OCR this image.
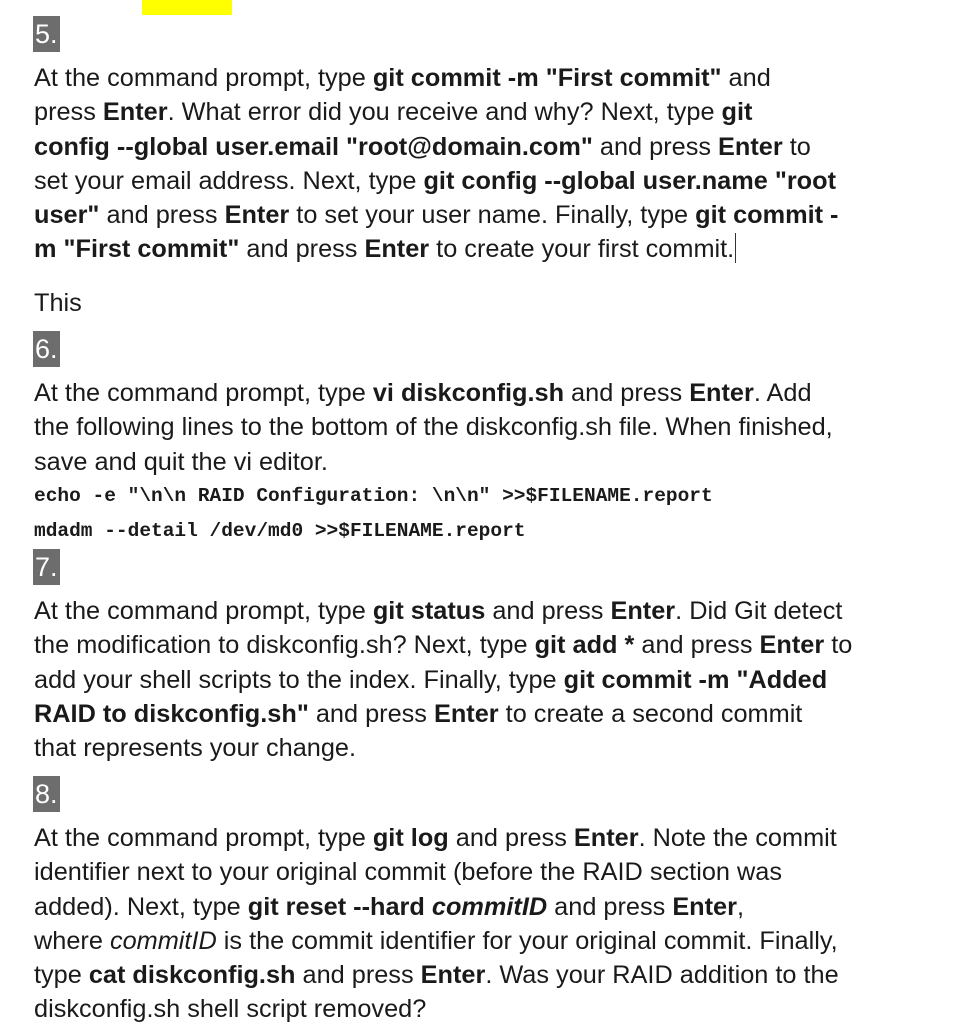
5.
At the command prompt, type git commit -m "First commit" and
press Enter. What error did you receive and why? Next, type git
config --global user.email "root@domain.com" and press Enter to
set your email address. Next, type git config --global user.name "root
user" and press Enter to set your user name. Finally, type git commit -
m "First commit" and press Enter to create your first commit.
This
6.
At the command prompt, type vi diskconfig.sh and press Enter. Add
the following lines to the bottom of the diskconfig.sh file. When finished,
save and quit the vi editor.
echo -e "\n\n RAID Configuration: \n\n" >>$FILENAME.report
mdadm --detail /dev/md0 >>$FILENAME.report
7.
At the command prompt, type git status and press Enter. Did Git detect
the modification to diskconfig.sh? Next, type git add * and press Enter to
add your shell scripts to the index. Finally, type git commit -m "Added
RAID to diskconfig.sh" and press Enter to create a second commit
that represents your change.
8.
At the command prompt, type git log and press Enter. Note the commit
identifier next to your original commit (before the RAID section was
added). Next, type git reset --hard commitID and press Enter,
where commitID is the commit identifier for your original commit. Finally,
type cat diskconfig.sh and press Enter. Was your RAID addition to the
diskconfig.sh shell script removed?
